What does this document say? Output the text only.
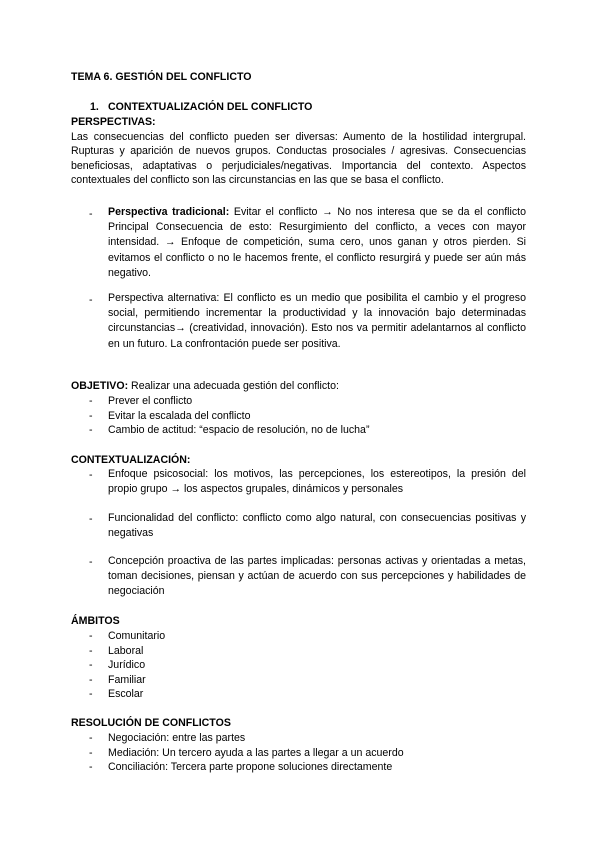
TEMA 6. GESTIÓN DEL CONFLICTO
1. CONTEXTUALIZACIÓN DEL CONFLICTO
PERSPECTIVAS:
Las consecuencias del conflicto pueden ser diversas: Aumento de la hostilidad intergrupal. Rupturas y aparición de nuevos grupos. Conductas prosociales / agresivas. Consecuencias beneficiosas, adaptativas o perjudiciales/negativas. Importancia del contexto. Aspectos contextuales del conflicto son las circunstancias en las que se basa el conflicto.
- Perspectiva tradicional: Evitar el conflicto → No nos interesa que se da el conflicto Principal Consecuencia de esto: Resurgimiento del conflicto, a veces con mayor intensidad. → Enfoque de competición, suma cero, unos ganan y otros pierden. Si evitamos el conflicto o no le hacemos frente, el conflicto resurgirá y puede ser aún más negativo.
- Perspectiva alternativa: El conflicto es un medio que posibilita el cambio y el progreso social, permitiendo incrementar la productividad y la innovación bajo determinadas circunstancias→ (creatividad, innovación). Esto nos va permitir adelantarnos al conflicto en un futuro. La confrontación puede ser positiva.
OBJETIVO: Realizar una adecuada gestión del conflicto:
- Prever el conflicto
- Evitar la escalada del conflicto
- Cambio de actitud: “espacio de resolución, no de lucha”
CONTEXTUALIZACIÓN:
- Enfoque psicosocial: los motivos, las percepciones, los estereotipos, la presión del propio grupo → los aspectos grupales, dinámicos y personales
- Funcionalidad del conflicto: conflicto como algo natural, con consecuencias positivas y negativas
- Concepción proactiva de las partes implicadas: personas activas y orientadas a metas, toman decisiones, piensan y actúan de acuerdo con sus percepciones y habilidades de negociación
ÁMBITOS
- Comunitario
- Laboral
- Jurídico
- Familiar
- Escolar
RESOLUCIÓN DE CONFLICTOS
- Negociación: entre las partes
- Mediación: Un tercero ayuda a las partes a llegar a un acuerdo
- Conciliación: Tercera parte propone soluciones directamente
